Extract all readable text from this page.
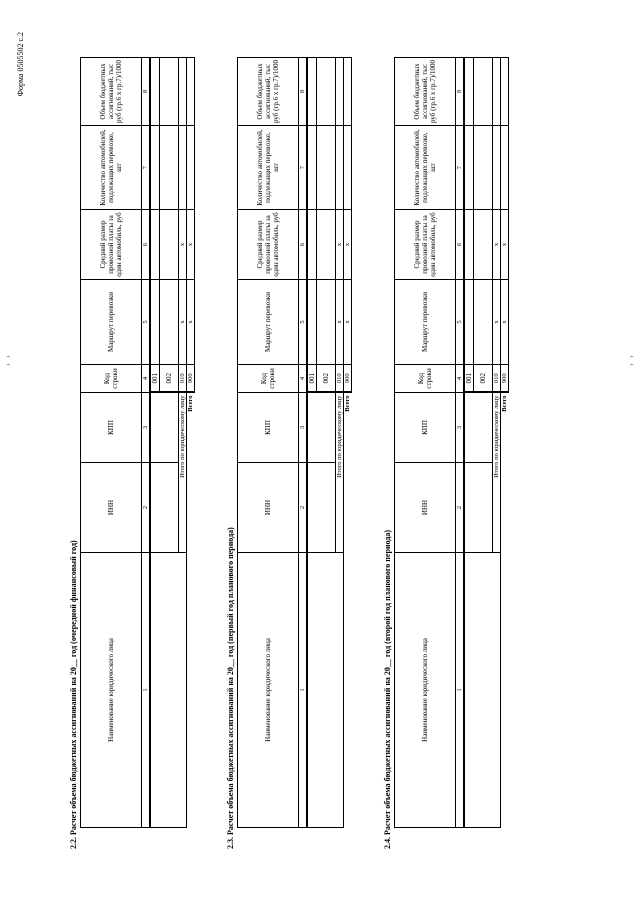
Форма 0505502 с.2
2.2. Расчет объема бюджетных ассигнований на 20__ год (очередной финансовый год)	Наименование юридического лица	ИНН	КПП	Код строки	Маршрут перевозки	Средний размер провозной платы за один автомобиль, руб	Количество автомобилей, подлежащих перевозке, шт	Объем бюджетных ассигнований, тыс руб (гр.6 х гр.7)/1000
1	2	3	4	5	6	7	8
			001				
			002				
	Итого по юридическому лицу		010	x	x		
	Всего		900	x	x		
2.3. Расчет объема бюджетных ассигнований на 20__ год (первый год планового периода)	Наименование юридического лица	ИНН	КПП	Код строки	Маршрут перевозки	Средний размер провозной платы за один автомобиль, руб	Количество автомобилей, подлежащих перевозке, шт	Объем бюджетных ассигнований, тыс руб (гр.6 х гр.7)/1000
1	2	3	4	5	6	7	8
			001				
			002				
	Итого по юридическому лицу		010	x	x		
	Всего		900	x	x		
2.4. Расчет объема бюджетных ассигнований на 20__ год (второй год планового периода)	Наименование юридического лица	ИНН	КПП	Код строки	Маршрут перевозки	Средний размер провозной платы за один автомобиль, руб	Количество автомобилей, подлежащих перевозке, шт	Объем бюджетных ассигнований, тыс руб (гр.6 х гр.7)/1000
1	2	3	4	5	6	7	8
			001				
			002				
	Итого по юридическому лицу		010	x	x		
	Всего		900	x	x		
